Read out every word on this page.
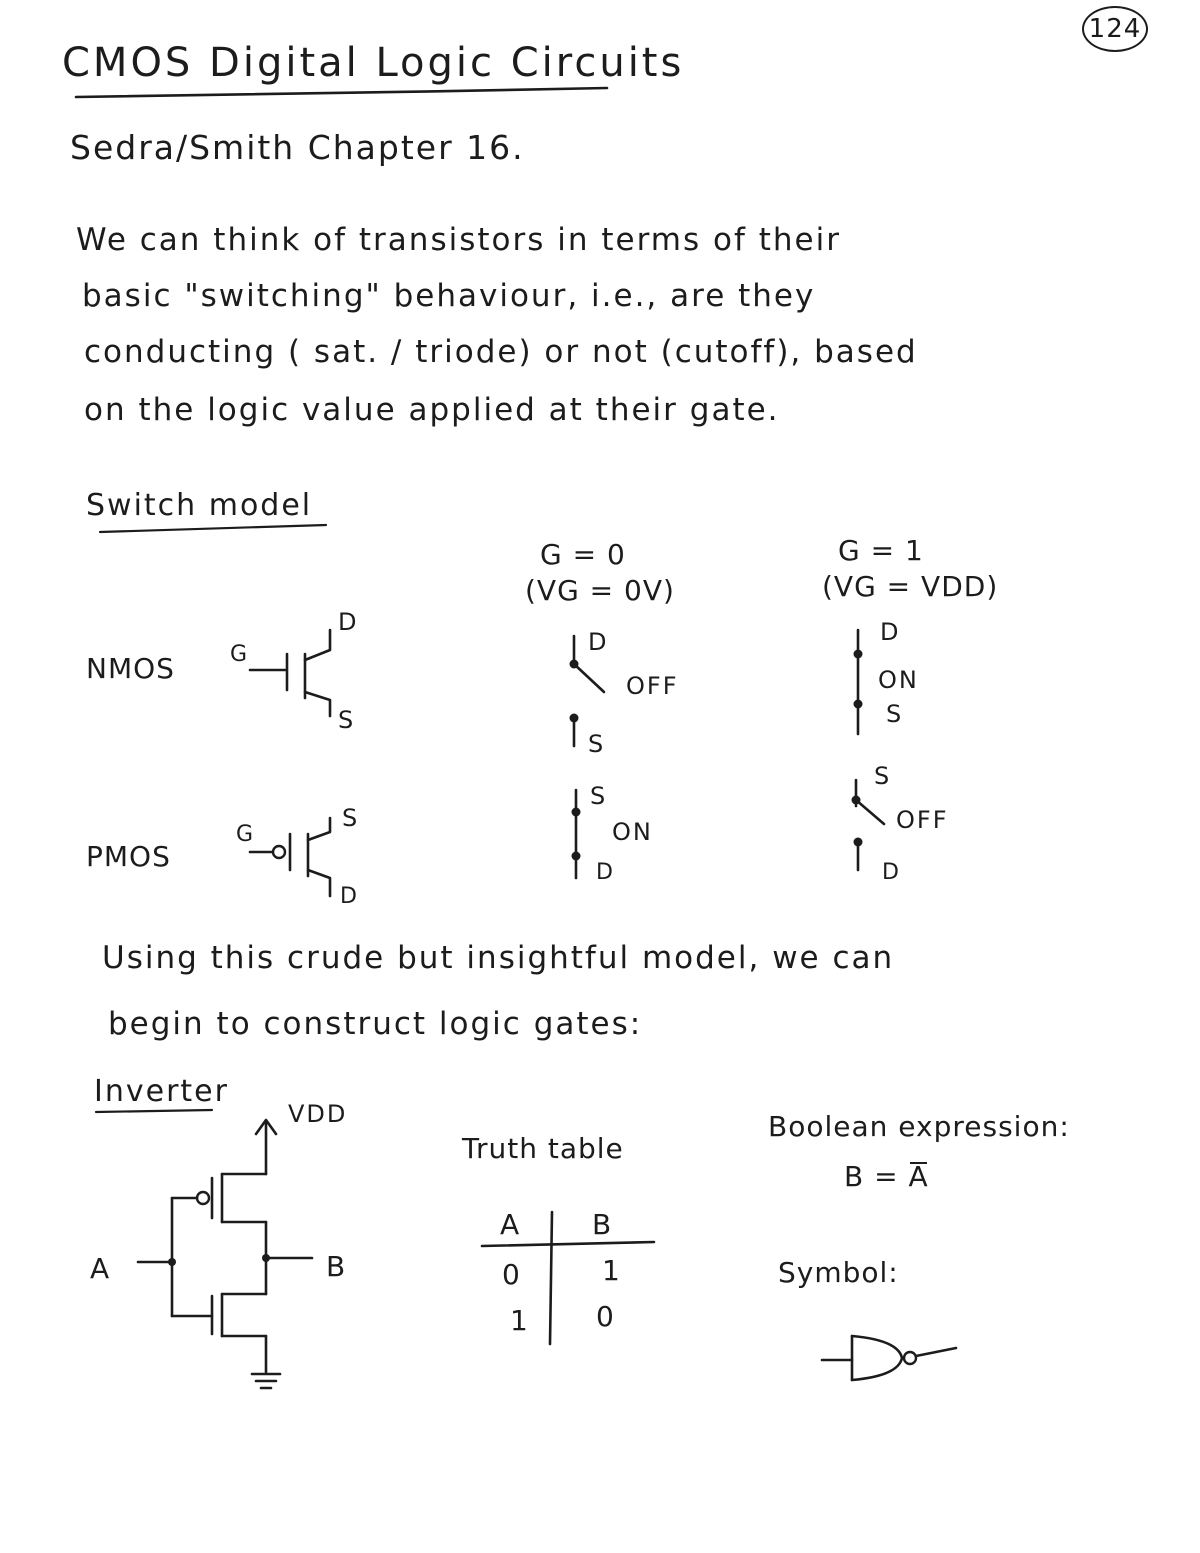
124
CMOS Digital Logic Circuits
Sedra/Smith Chapter 16.
We can think of transistors in terms of their
basic "switching" behaviour, i.e., are they
conducting ( sat. / triode) or not (cutoff), based
on the logic value applied at their gate.
Switch model
G = 0
(VG = 0V)
G = 1
(VG = VDD)
NMOS	G
D
S
D
OFF
S
D
ON
S
PMOS
G
S
D
S
ON
D
S
OFF
D
Using this crude but insightful model, we can
begin to construct logic gates:
Inverter
VDD
A	B
Truth table
A	B
0	1
1 0
Boolean expression:
B = A
Symbol:
